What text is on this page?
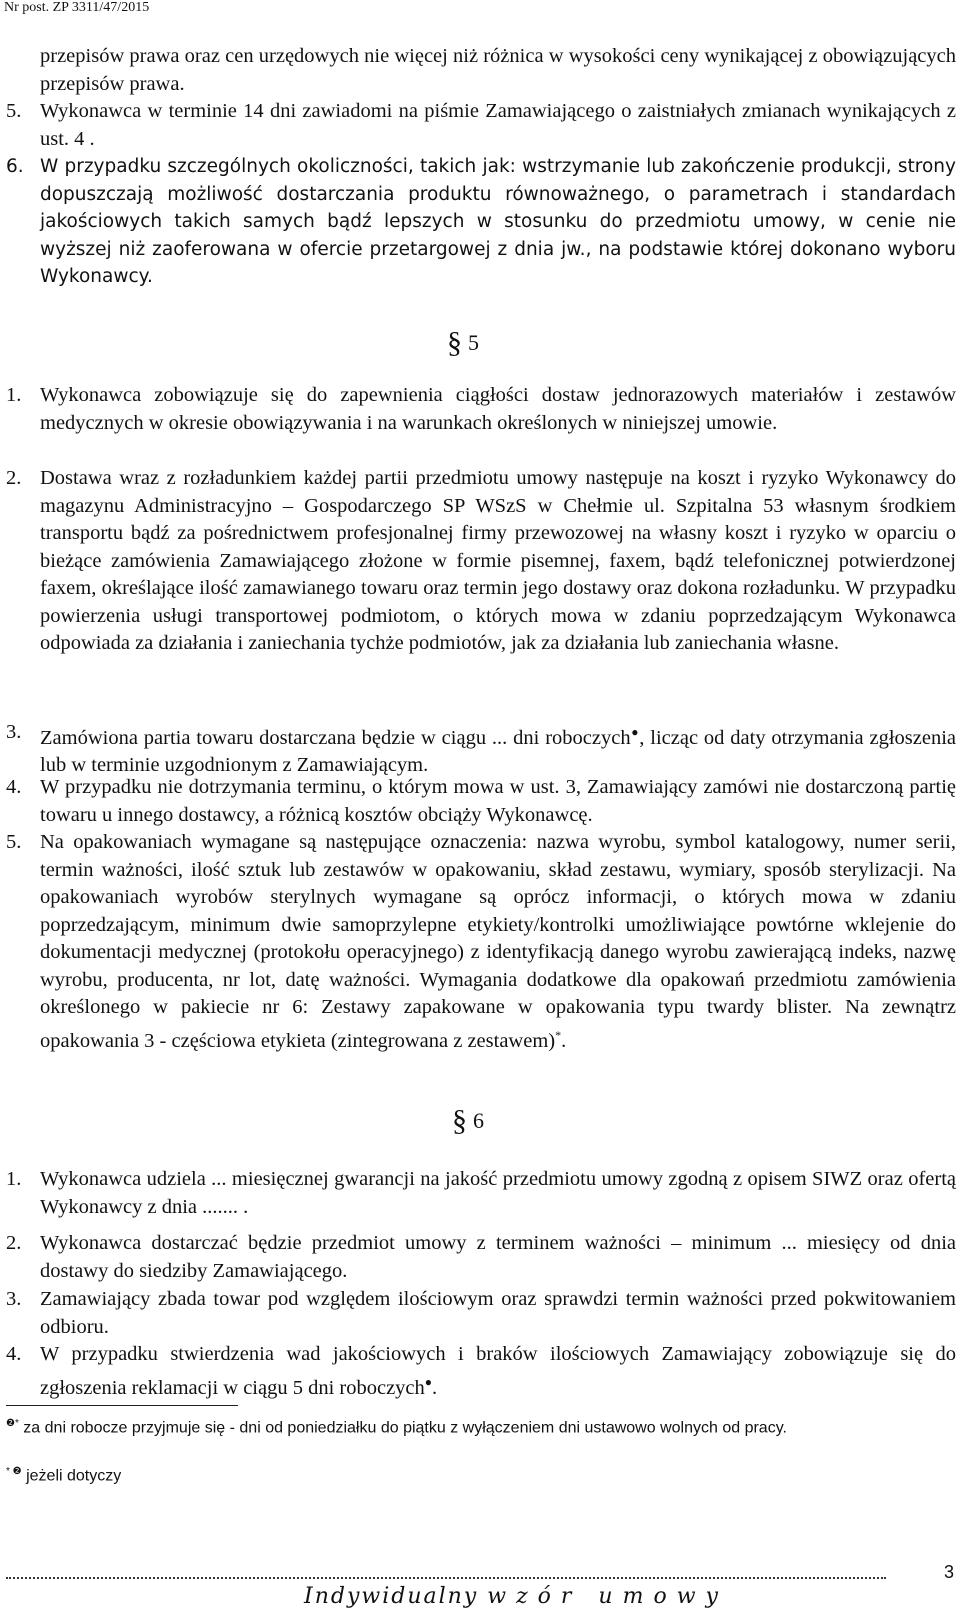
Nr post. ZP 3311/47/2015

przepisów prawa oraz cen urzędowych nie więcej niż różnica w wysokości ceny wynikającej z obowiązujących przepisów prawa.

5. Wykonawca w terminie 14 dni zawiadomi na piśmie Zamawiającego o zaistniałych zmianach wynikających z ust. 4 .
6. W przypadku szczególnych okoliczności, takich jak: wstrzymanie lub zakończenie produkcji, strony dopuszczają możliwość dostarczania produktu równoważnego, o parametrach i standardach jakościowych takich samych bądź lepszych w stosunku do przedmiotu umowy, w cenie nie wyższej niż zaoferowana w ofercie przetargowej z dnia jw., na podstawie której dokonano wyboru Wykonawcy.
§ 5
1. Wykonawca zobowiązuje się do zapewnienia ciągłości dostaw jednorazowych materiałów i zestawów medycznych w okresie obowiązywania i na warunkach określonych w niniejszej umowie.
2. Dostawa wraz z rozładunkiem każdej partii przedmiotu umowy następuje na koszt i ryzyko Wykonawcy do magazynu Administracyjno – Gospodarczego SP WSzS w Chełmie ul. Szpitalna 53 własnym środkiem transportu bądź za pośrednictwem profesjonalnej firmy przewozowej na własny koszt i ryzyko w oparciu o bieżące zamówienia Zamawiającego złożone w formie pisemnej, faxem, bądź telefonicznej potwierdzonej faxem, określające ilość zamawianego towaru oraz termin jego dostawy oraz dokona rozładunku. W przypadku powierzenia usługi transportowej podmiotom, o których mowa w zdaniu poprzedzającym Wykonawca odpowiada za działania i zaniechania tychże podmiotów, jak za działania lub zaniechania własne.
3. Zamówiona partia towaru dostarczana będzie w ciągu ... dni roboczych●, licząc od daty otrzymania zgłoszenia lub w terminie uzgodnionym z Zamawiającym.
4. W przypadku nie dotrzymania terminu, o którym mowa w ust. 3, Zamawiający zamówi nie dostarczoną partię towaru u innego dostawcy, a różnicą kosztów obciąży Wykonawcę.
5. Na opakowaniach wymagane są następujące oznaczenia: nazwa wyrobu, symbol katalogowy, numer serii, termin ważności, ilość sztuk lub zestawów w opakowaniu, skład zestawu, wymiary, sposób sterylizacji. Na opakowaniach wyrobów sterylnych wymagane są oprócz informacji, o których mowa w zdaniu poprzedzającym, minimum dwie samoprzylepne etykiety/kontrolki umożliwiające powtórne wklejenie do dokumentacji medycznej (protokołu operacyjnego) z identyfikacją danego wyrobu zawierającą indeks, nazwę wyrobu, producenta, nr lot, datę ważności. Wymagania dodatkowe dla opakowań przedmiotu zamówienia określonego w pakiecie nr 6: Zestawy zapakowane w opakowania typu twardy blister. Na zewnątrz opakowania 3 - częściowa etykieta (zintegrowana z zestawem)*.
§ 6
1. Wykonawca udziela ... miesięcznej gwarancji na jakość przedmiotu umowy zgodną z opisem SIWZ oraz ofertą Wykonawcy z dnia ....... .
2. Wykonawca dostarczać będzie przedmiot umowy z terminem ważności – minimum ... miesięcy od dnia dostawy do siedziby Zamawiającego.
3. Zamawiający zbada towar pod względem ilościowym oraz sprawdzi termin ważności przed pokwitowaniem odbioru.
4. W przypadku stwierdzenia wad jakościowych i braków ilościowych Zamawiający zobowiązuje się do zgłoszenia reklamacji w ciągu 5 dni roboczych●.
$^{❷*}$ za dni robocze przyjmuje się - dni od poniedziałku do piątku z wyłączeniem dni ustawowo wolnych od pracy.
$^{* ❷}$ jeżeli dotyczy
3
Indywidualny wzór umowy
